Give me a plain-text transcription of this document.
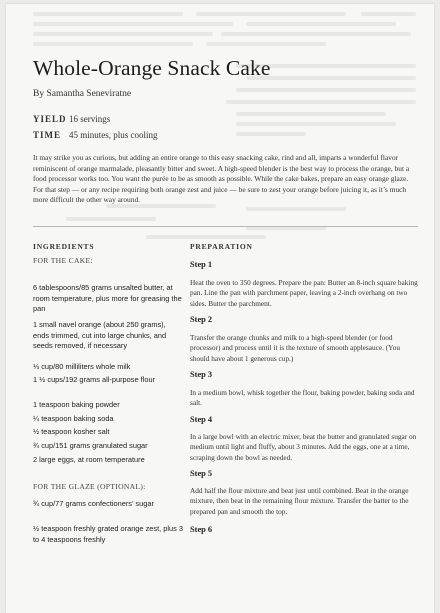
Whole-Orange Snack Cake
By Samantha Seneviratne
YIELD 16 servings
TIME 45 minutes, plus cooling

It may strike you as curious, but adding an entire orange to this easy snacking cake, rind and all, imparts a wonderful flavor reminiscent of orange marmalade, pleasantly bitter and sweet. A high-speed blender is the best way to process the orange, but a food processor works too. You want the purée to be as smooth as possible. While the cake bakes, prepare an easy orange glaze. For that step — or any recipe requiring both orange zest and juice — be sure to zest your orange before juicing it, as it’s much more difficult the other way around.

INGREDIENTS
FOR THE CAKE:

6 tablespoons/85 grams unsalted butter, at room temperature, plus more for greasing the pan

1 small navel orange (about 250 grams), ends trimmed, cut into large chunks, and seeds removed, if necessary

⅓ cup/80 milliliters whole milk

1 ½ cups/192 grams all-purpose flour

1 teaspoon baking powder

¼ teaspoon baking soda

½ teaspoon kosher salt

¾ cup/151 grams granulated sugar

2 large eggs, at room temperature

FOR THE GLAZE (OPTIONAL):

¾ cup/77 grams confectioners’ sugar

½ teaspoon freshly grated orange zest, plus 3 to 4 teaspoons freshly

PREPARATION
Step 1

Heat the oven to 350 degrees. Prepare the pan: Butter an 8-inch square baking pan. Line the pan with parchment paper, leaving a 2-inch overhang on two sides. Butter the parchment.

Step 2

Transfer the orange chunks and milk to a high-speed blender (or food processor) and process until it is the texture of smooth applesauce. (You should have about 1 generous cup.)

Step 3

In a medium bowl, whisk together the flour, baking powder, baking soda and salt.

Step 4

In a large bowl with an electric mixer, beat the butter and granulated sugar on medium until light and fluffy, about 3 minutes. Add the eggs, one at a time, scraping down the bowl as needed.

Step 5

Add half the flour mixture and beat just until combined. Beat in the orange mixture, then beat in the remaining flour mixture. Transfer the batter to the prepared pan and smooth the top.

Step 6
